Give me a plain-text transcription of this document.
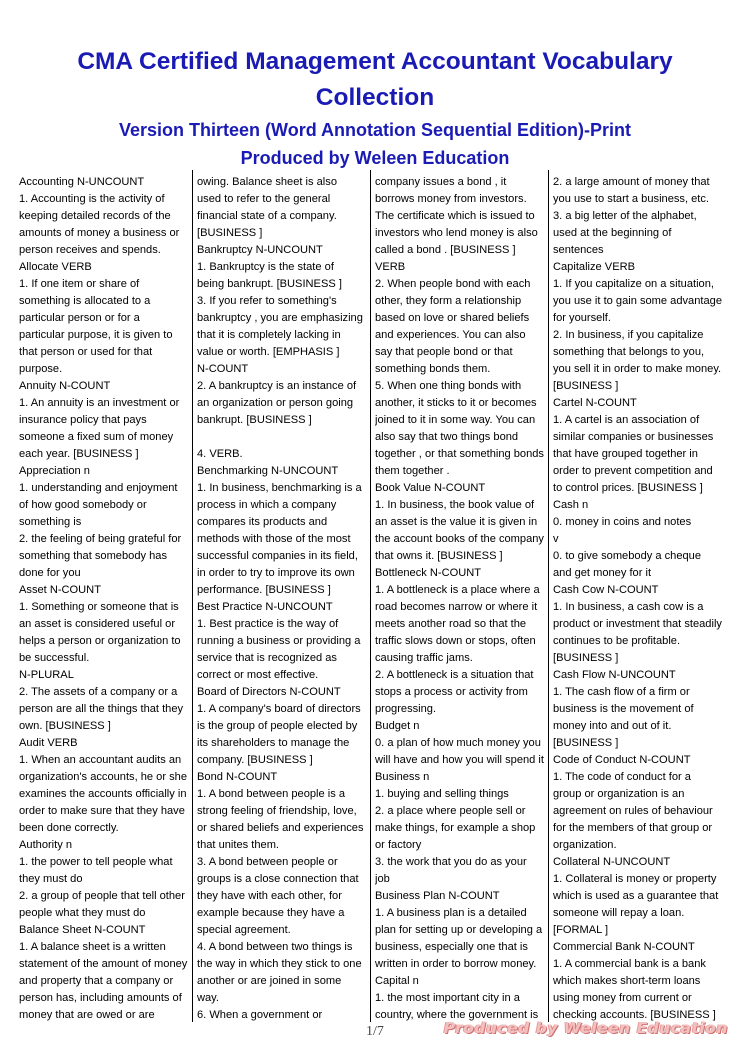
CMA Certified Management Accountant Vocabulary
Collection
Version Thirteen (Word Annotation Sequential Edition)-Print
Produced by Weleen Education

Accounting N-UNCOUNT

1. Accounting is the activity of

keeping detailed records of the

amounts of money a business or

person receives and spends.

Allocate VERB

1. If one item or share of

something is allocated to a

particular person or for a

particular purpose, it is given to

that person or used for that

purpose.

Annuity N-COUNT

1. An annuity is an investment or

insurance policy that pays

someone a fixed sum of money

each year. [BUSINESS ]

Appreciation n

1. understanding and enjoyment

of how good somebody or

something is

2. the feeling of being grateful for

something that somebody has

done for you

Asset N-COUNT

1. Something or someone that is

an asset is considered useful or

helps a person or organization to

be successful.

N-PLURAL

2. The assets of a company or a

person are all the things that they

own. [BUSINESS ]

Audit VERB

1. When an accountant audits an

organization's accounts, he or she

examines the accounts officially in

order to make sure that they have

been done correctly.

Authority n

1. the power to tell people what

they must do

2. a group of people that tell other

people what they must do

Balance Sheet N-COUNT

1. A balance sheet is a written

statement of the amount of money

and property that a company or

person has, including amounts of

money that are owed or are

owing. Balance sheet is also

used to refer to the general

financial state of a company.

[BUSINESS ]

Bankruptcy N-UNCOUNT

1. Bankruptcy is the state of

being bankrupt. [BUSINESS ]

3. If you refer to something's

bankruptcy , you are emphasizing

that it is completely lacking in

value or worth. [EMPHASIS ]

N-COUNT

2. A bankruptcy is an instance of

an organization or person going

bankrupt. [BUSINESS ]

4. VERB.

Benchmarking N-UNCOUNT

1. In business, benchmarking is a

process in which a company

compares its products and

methods with those of the most

successful companies in its field,

in order to try to improve its own

performance. [BUSINESS ]

Best Practice N-UNCOUNT

1. Best practice is the way of

running a business or providing a

service that is recognized as

correct or most effective.

Board of Directors N-COUNT

1. A company's board of directors

is the group of people elected by

its shareholders to manage the

company. [BUSINESS ]

Bond N-COUNT

1. A bond between people is a

strong feeling of friendship, love,

or shared beliefs and experiences

that unites them.

3. A bond between people or

groups is a close connection that

they have with each other, for

example because they have a

special agreement.

4. A bond between two things is

the way in which they stick to one

another or are joined in some

way.

6. When a government or

company issues a bond , it

borrows money from investors.

The certificate which is issued to

investors who lend money is also

called a bond . [BUSINESS ]

VERB

2. When people bond with each

other, they form a relationship

based on love or shared beliefs

and experiences. You can also

say that people bond or that

something bonds them.

5. When one thing bonds with

another, it sticks to it or becomes

joined to it in some way. You can

also say that two things bond

together , or that something bonds

them together .

Book Value N-COUNT

1. In business, the book value of

an asset is the value it is given in

the account books of the company

that owns it. [BUSINESS ]

Bottleneck N-COUNT

1. A bottleneck is a place where a

road becomes narrow or where it

meets another road so that the

traffic slows down or stops, often

causing traffic jams.

2. A bottleneck is a situation that

stops a process or activity from

progressing.

Budget n

0. a plan of how much money you

will have and how you will spend it

Business n

1. buying and selling things

2. a place where people sell or

make things, for example a shop

or factory

3. the work that you do as your

job

Business Plan N-COUNT

1. A business plan is a detailed

plan for setting up or developing a

business, especially one that is

written in order to borrow money.

Capital n

1. the most important city in a

country, where the government is

2. a large amount of money that

you use to start a business, etc.

3. a big letter of the alphabet,

used at the beginning of

sentences

Capitalize VERB

1. If you capitalize on a situation,

you use it to gain some advantage

for yourself.

2. In business, if you capitalize

something that belongs to you,

you sell it in order to make money.

[BUSINESS ]

Cartel N-COUNT

1. A cartel is an association of

similar companies or businesses

that have grouped together in

order to prevent competition and

to control prices. [BUSINESS ]

Cash n

0. money in coins and notes

v

0. to give somebody a cheque

and get money for it

Cash Cow N-COUNT

1. In business, a cash cow is a

product or investment that steadily

continues to be profitable.

[BUSINESS ]

Cash Flow N-UNCOUNT

1. The cash flow of a firm or

business is the movement of

money into and out of it.

[BUSINESS ]

Code of Conduct N-COUNT

1. The code of conduct for a

group or organization is an

agreement on rules of behaviour

for the members of that group or

organization.

Collateral N-UNCOUNT

1. Collateral is money or property

which is used as a guarantee that

someone will repay a loan.

[FORMAL ]

Commercial Bank N-COUNT

1. A commercial bank is a bank

which makes short-term loans

using money from current or

checking accounts. [BUSINESS ]

1/7	Produced by Weleen Education
